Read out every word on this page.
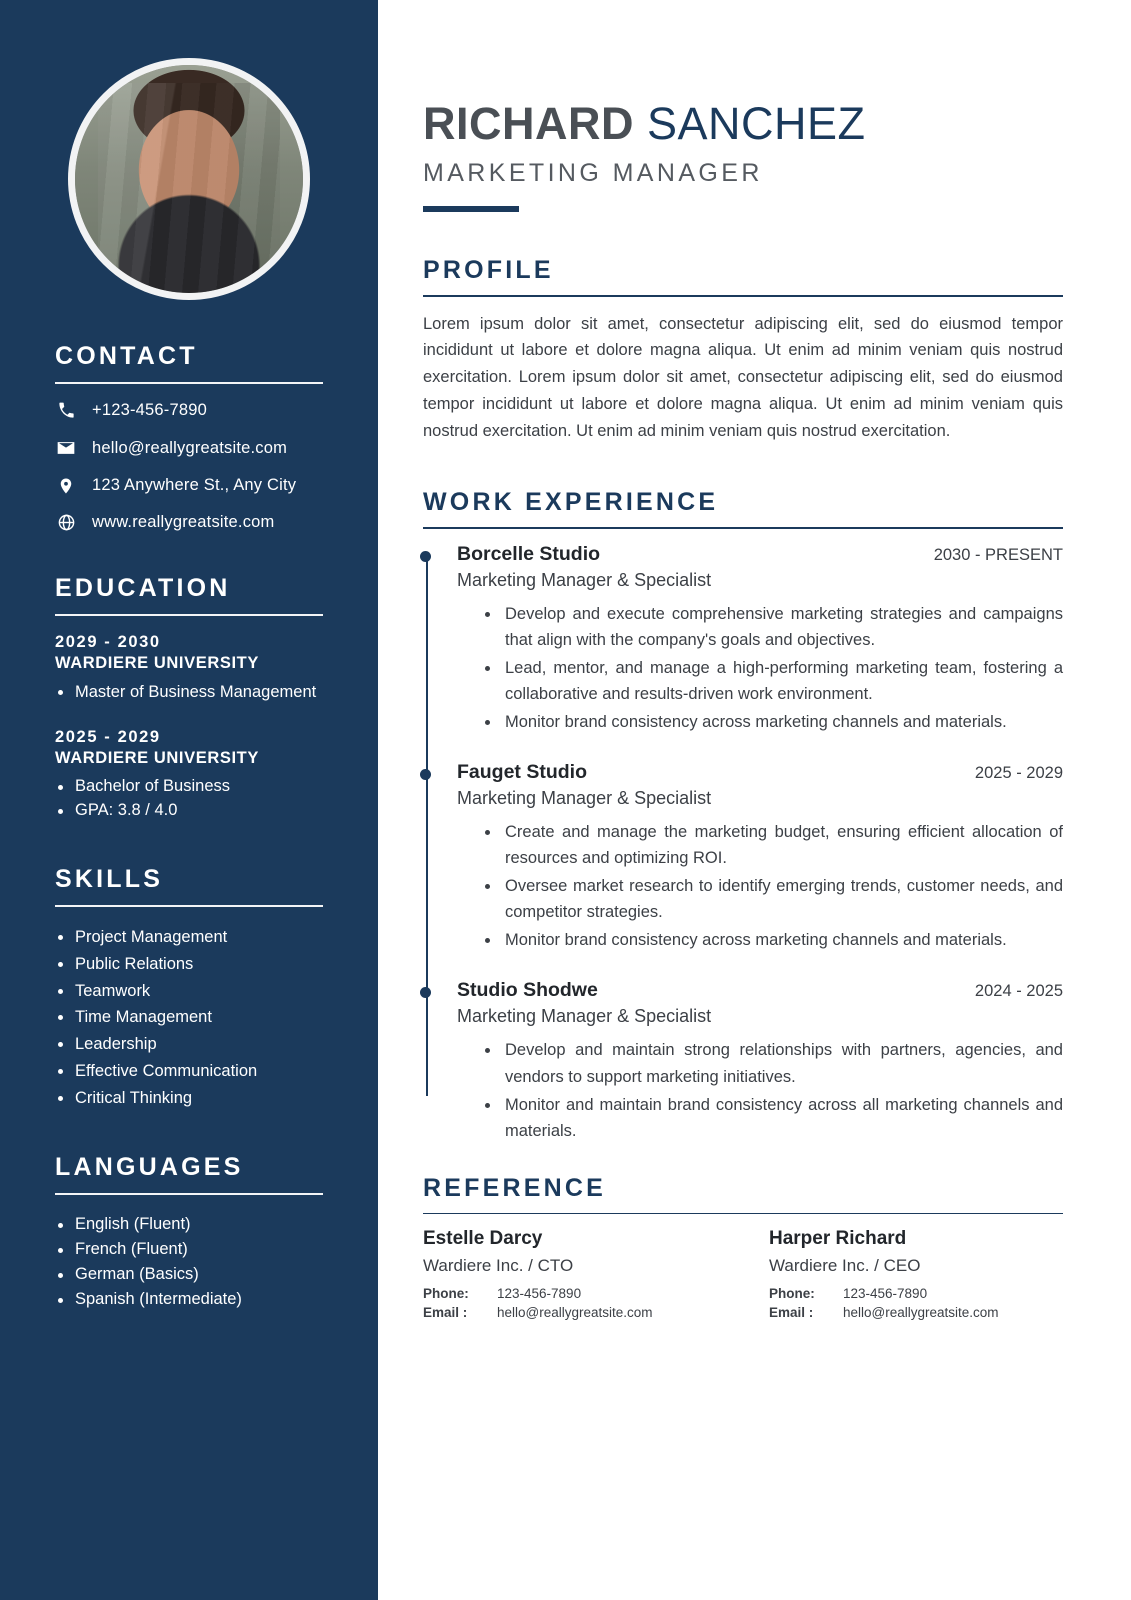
CONTACT
+123-456-7890
hello@reallygreatsite.com
123 Anywhere St., Any City
www.reallygreatsite.com
EDUCATION
2029 - 2030
WARDIERE UNIVERSITY
Master of Business Management
2025 - 2029
WARDIERE UNIVERSITY
Bachelor of Business
GPA: 3.8 / 4.0
SKILLS
Project Management
Public Relations
Teamwork
Time Management
Leadership
Effective Communication
Critical Thinking
LANGUAGES
English (Fluent)
French (Fluent)
German (Basics)
Spanish (Intermediate)
RICHARD SANCHEZ
MARKETING MANAGER
PROFILE

Lorem ipsum dolor sit amet, consectetur adipiscing elit, sed do eiusmod tempor incididunt ut labore et dolore magna aliqua. Ut enim ad minim veniam quis nostrud exercitation. Lorem ipsum dolor sit amet, consectetur adipiscing elit, sed do eiusmod tempor incididunt ut labore et dolore magna aliqua. Ut enim ad minim veniam quis nostrud exercitation. Ut enim ad minim veniam quis nostrud exercitation.

WORK EXPERIENCE
Borcelle Studio	2030 - PRESENT
Marketing Manager & Specialist
Develop and execute comprehensive marketing strategies and campaigns that align with the company's goals and objectives.
Lead, mentor, and manage a high-performing marketing team, fostering a collaborative and results-driven work environment.
Monitor brand consistency across marketing channels and materials.
Fauget Studio	2025 - 2029
Marketing Manager & Specialist
Create and manage the marketing budget, ensuring efficient allocation of resources and optimizing ROI.
Oversee market research to identify emerging trends, customer needs, and competitor strategies.
Monitor brand consistency across marketing channels and materials.
Studio Shodwe	2024 - 2025
Marketing Manager & Specialist
Develop and maintain strong relationships with partners, agencies, and vendors to support marketing initiatives.
Monitor and maintain brand consistency across all marketing channels and materials.
REFERENCE
Estelle Darcy
Wardiere Inc. / CTO
Phone:	123-456-7890
Email :	hello@reallygreatsite.com
Harper Richard
Wardiere Inc. / CEO
Phone:	123-456-7890
Email :	hello@reallygreatsite.com
